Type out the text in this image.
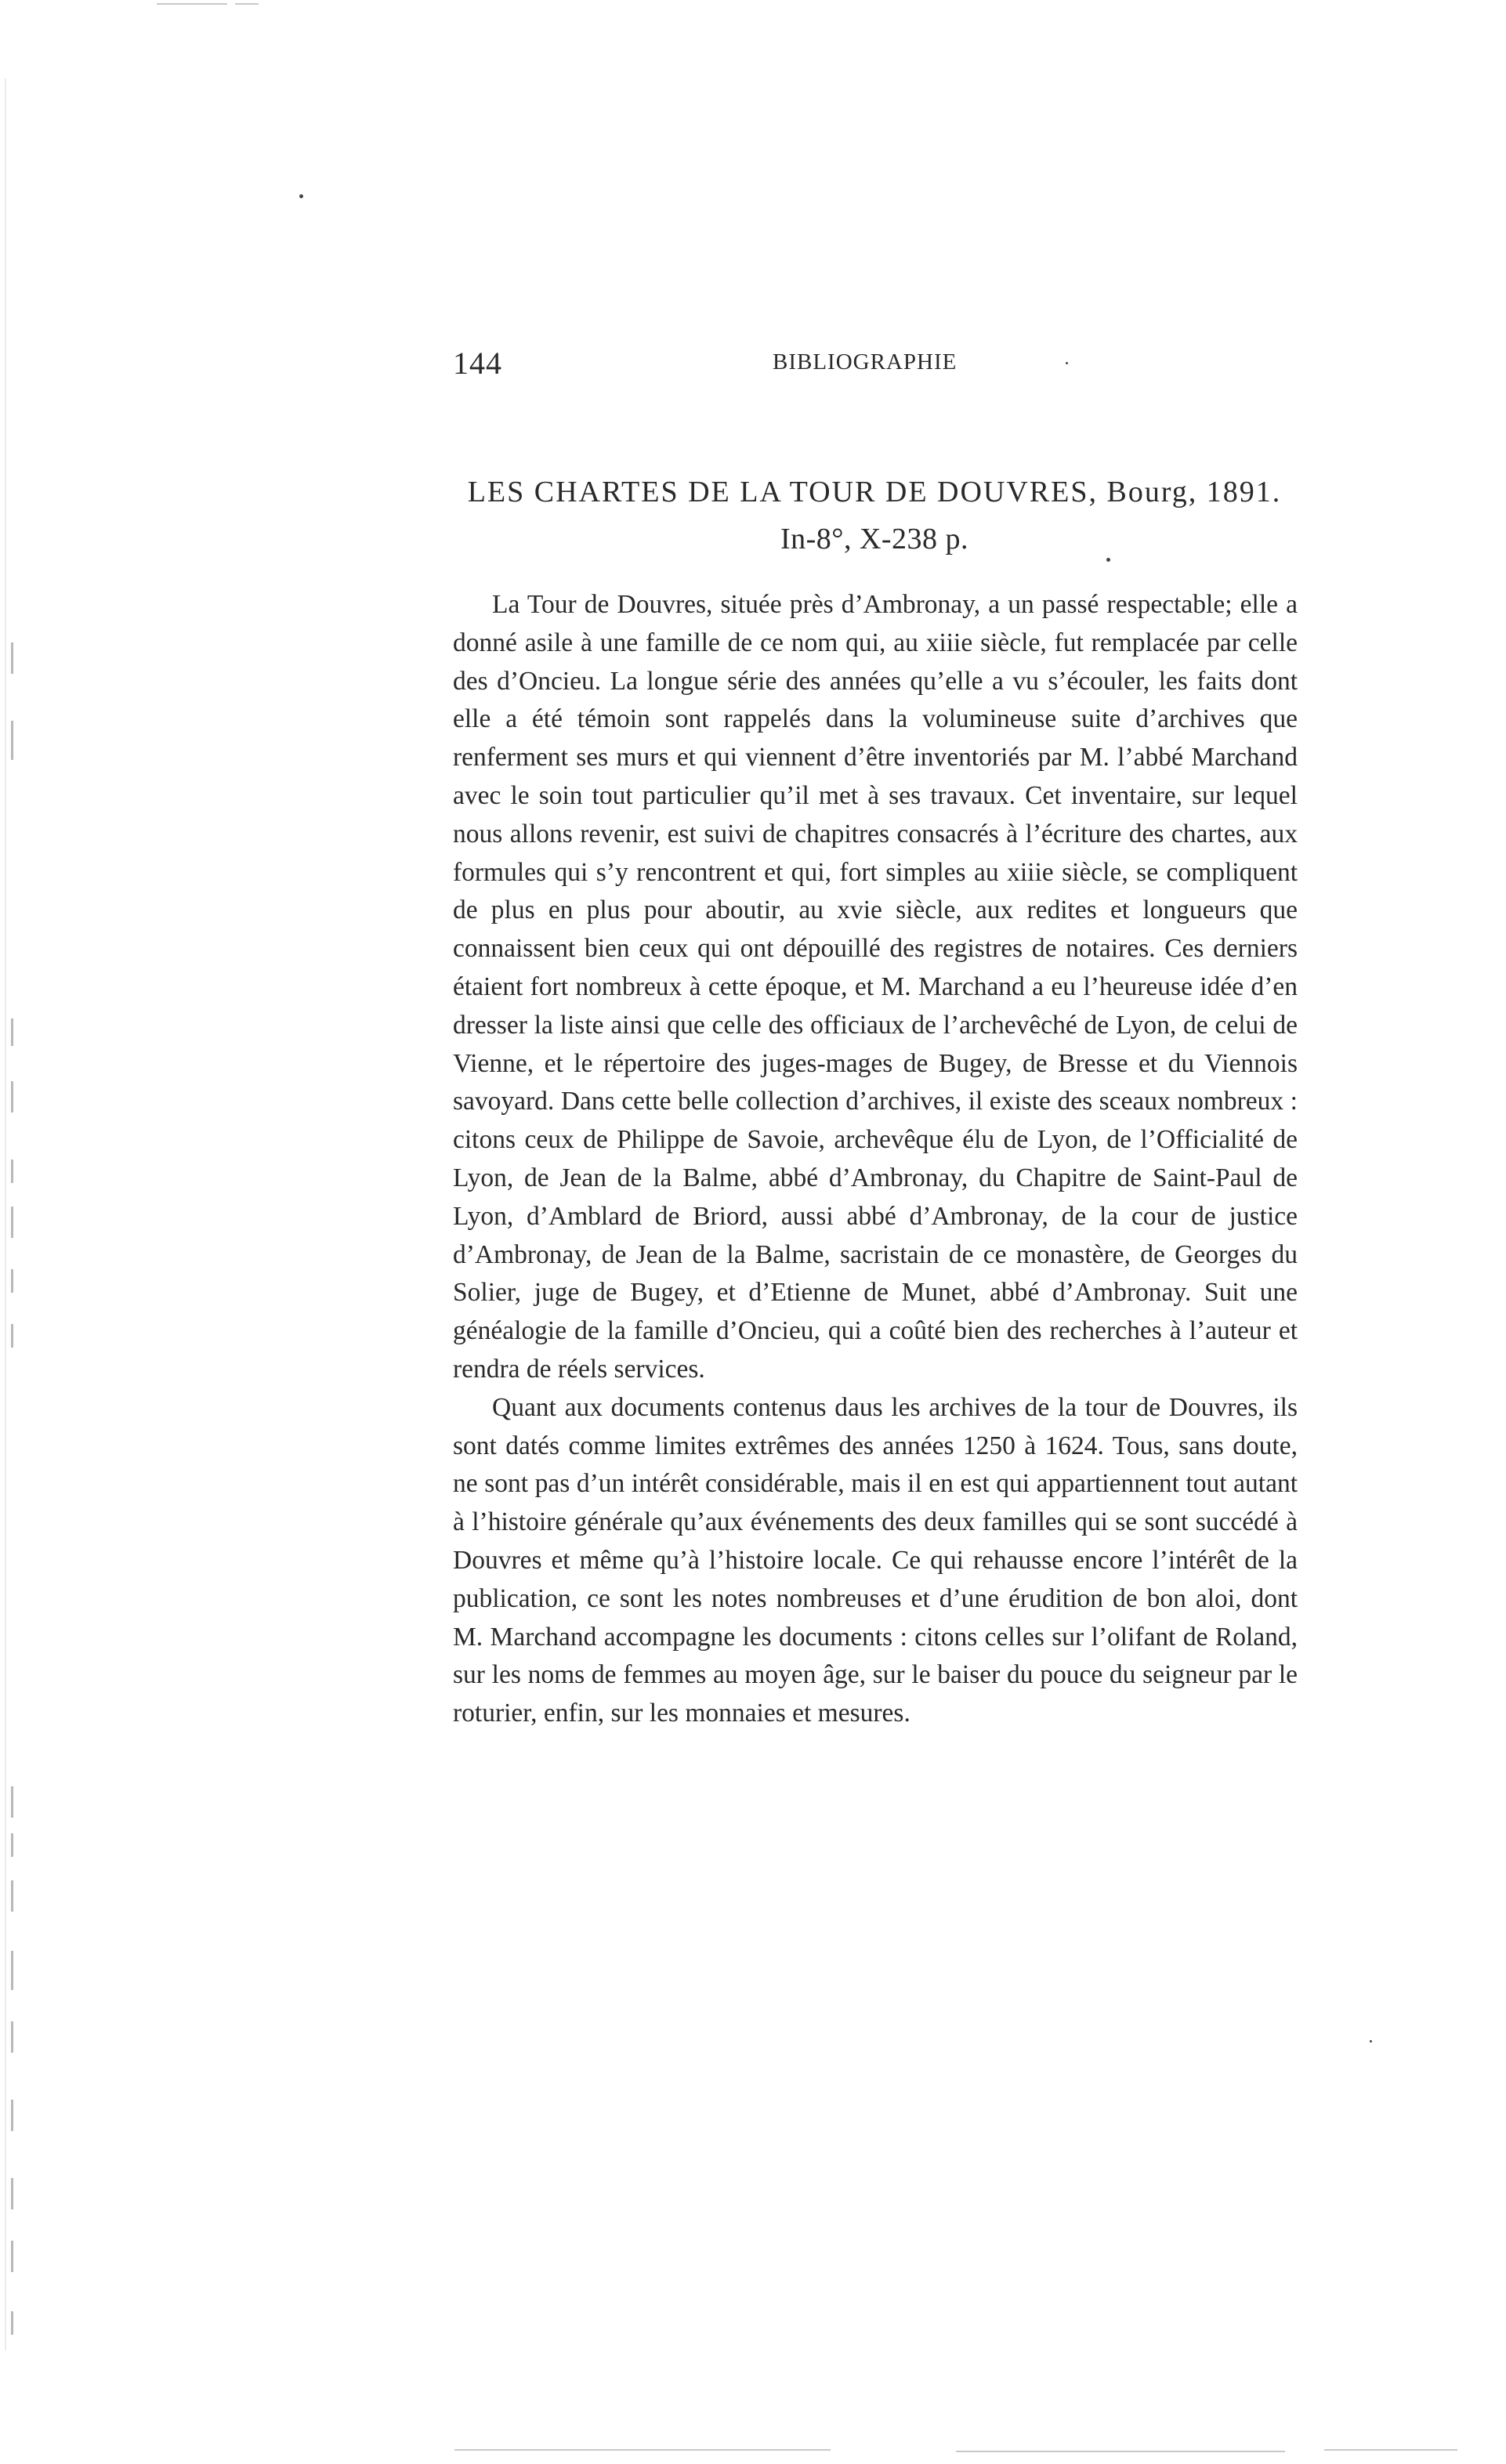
144	BIBLIOGRAPHIE
LES CHARTES DE LA TOUR DE DOUVRES, Bourg, 1891.
In-8°, X-238 p.

La Tour de Douvres, située près d’Ambronay, a un passé respectable; elle a donné asile à une famille de ce nom qui, au xiiie siècle, fut remplacée par celle des d’Oncieu. La longue série des années qu’elle a vu s’écouler, les faits dont elle a été témoin sont rappelés dans la volumineuse suite d’archives que renferment ses murs et qui viennent d’être inventoriés par M. l’abbé Marchand avec le soin tout particulier qu’il met à ses travaux. Cet inventaire, sur lequel nous allons revenir, est suivi de chapitres consacrés à l’écriture des chartes, aux formules qui s’y rencontrent et qui, fort simples au xiiie siècle, se compliquent de plus en plus pour aboutir, au xvie siècle, aux redites et longueurs que connaissent bien ceux qui ont dépouillé des registres de notaires. Ces derniers étaient fort nombreux à cette époque, et M. Marchand a eu l’heureuse idée d’en dresser la liste ainsi que celle des officiaux de l’archevêché de Lyon, de celui de Vienne, et le répertoire des juges-mages de Bugey, de Bresse et du Viennois savoyard. Dans cette belle collection d’archives, il existe des sceaux nombreux : citons ceux de Philippe de Savoie, archevêque élu de Lyon, de l’Officialité de Lyon, de Jean de la Balme, abbé d’Ambronay, du Chapitre de Saint-Paul de Lyon, d’Amblard de Briord, aussi abbé d’Ambronay, de la cour de justice d’Ambronay, de Jean de la Balme, sacristain de ce monastère, de Georges du Solier, juge de Bugey, et d’Etienne de Munet, abbé d’Ambronay. Suit une généalogie de la famille d’Oncieu, qui a coûté bien des recherches à l’auteur et rendra de réels services.

Quant aux documents contenus daus les archives de la tour de Douvres, ils sont datés comme limites extrêmes des années 1250 à 1624. Tous, sans doute, ne sont pas d’un intérêt considérable, mais il en est qui appartiennent tout autant à l’histoire générale qu’aux événements des deux familles qui se sont succédé à Douvres et même qu’à l’histoire locale. Ce qui rehausse encore l’intérêt de la publication, ce sont les notes nombreuses et d’une érudition de bon aloi, dont M. Marchand accompagne les documents : citons celles sur l’olifant de Roland, sur les noms de femmes au moyen âge, sur le baiser du pouce du seigneur par le roturier, enfin, sur les monnaies et mesures.
